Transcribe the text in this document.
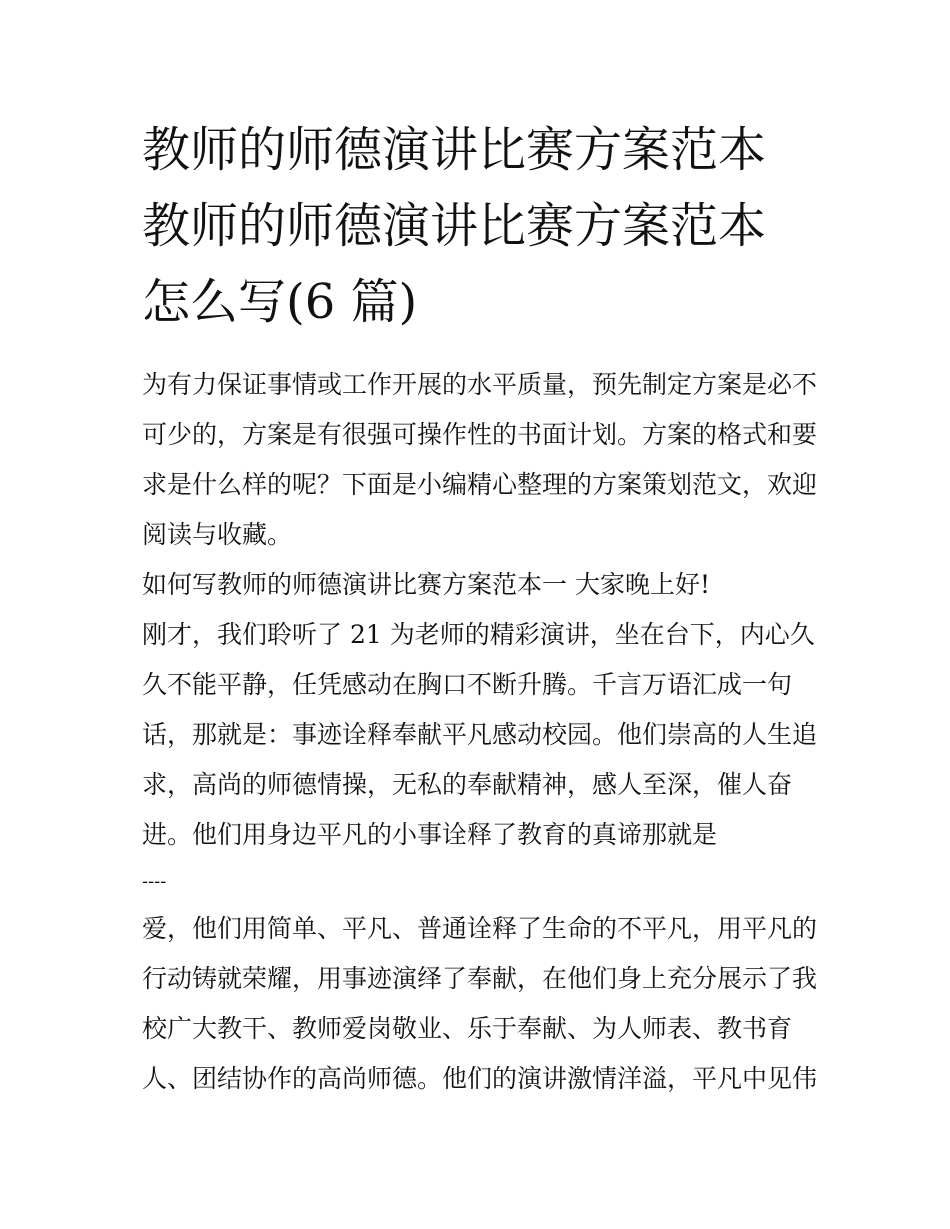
教师的师德演讲比赛方案范本
教师的师德演讲比赛方案范本
怎么写(6 篇)
为有力保证事情或工作开展的水平质量，预先制定方案是必不
可少的，方案是有很强可操作性的书面计划。方案的格式和要
求是什么样的呢？下面是小编精心整理的方案策划范文，欢迎
阅读与收藏。
如何写教师的师德演讲比赛方案范本一 大家晚上好!
刚才，我们聆听了 21 为老师的精彩演讲，坐在台下，内心久
久不能平静，任凭感动在胸口不断升腾。千言万语汇成一句
话，那就是：事迹诠释奉献平凡感动校园。他们崇高的人生追
求，高尚的师德情操，无私的奉献精神，感人至深，催人奋
进。他们用身边平凡的小事诠释了教育的真谛那就是
----
爱，他们用简单、平凡、普通诠释了生命的不平凡，用平凡的
行动铸就荣耀，用事迹演绎了奉献，在他们身上充分展示了我
校广大教干、教师爱岗敬业、乐于奉献、为人师表、教书育
人、团结协作的高尚师德。他们的演讲激情洋溢，平凡中见伟
